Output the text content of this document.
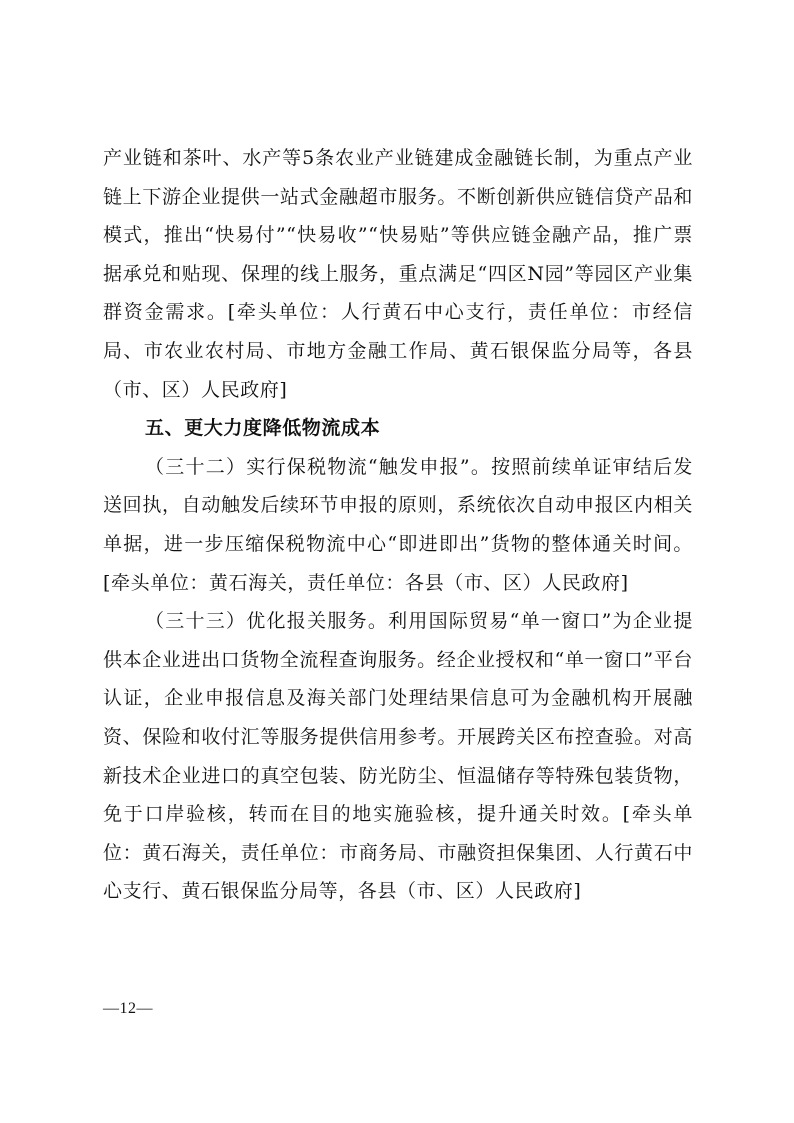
产业链和茶叶、水产等5条农业产业链建成金融链长制，为重点产业链上下游企业提供一站式金融超市服务。不断创新供应链信贷产品和模式，推出“快易付”“快易收”“快易贴”等供应链金融产品，推广票据承兑和贴现、保理的线上服务，重点满足“四区N园”等园区产业集群资金需求。[牵头单位：人行黄石中心支行，责任单位：市经信局、市农业农村局、市地方金融工作局、黄石银保监分局等，各县（市、区）人民政府]

五、更大力度降低物流成本

（三十二）实行保税物流“触发申报”。按照前续单证审结后发送回执，自动触发后续环节申报的原则，系统依次自动申报区内相关单据，进一步压缩保税物流中心“即进即出”货物的整体通关时间。[牵头单位：黄石海关，责任单位：各县（市、区）人民政府]

（三十三）优化报关服务。利用国际贸易“单一窗口”为企业提供本企业进出口货物全流程查询服务。经企业授权和“单一窗口”平台认证，企业申报信息及海关部门处理结果信息可为金融机构开展融资、保险和收付汇等服务提供信用参考。开展跨关区布控查验。对高新技术企业进口的真空包装、防光防尘、恒温储存等特殊包装货物，免于口岸验核，转而在目的地实施验核，提升通关时效。[牵头单位：黄石海关，责任单位：市商务局、市融资担保集团、人行黄石中心支行、黄石银保监分局等，各县（市、区）人民政府]

—12—
